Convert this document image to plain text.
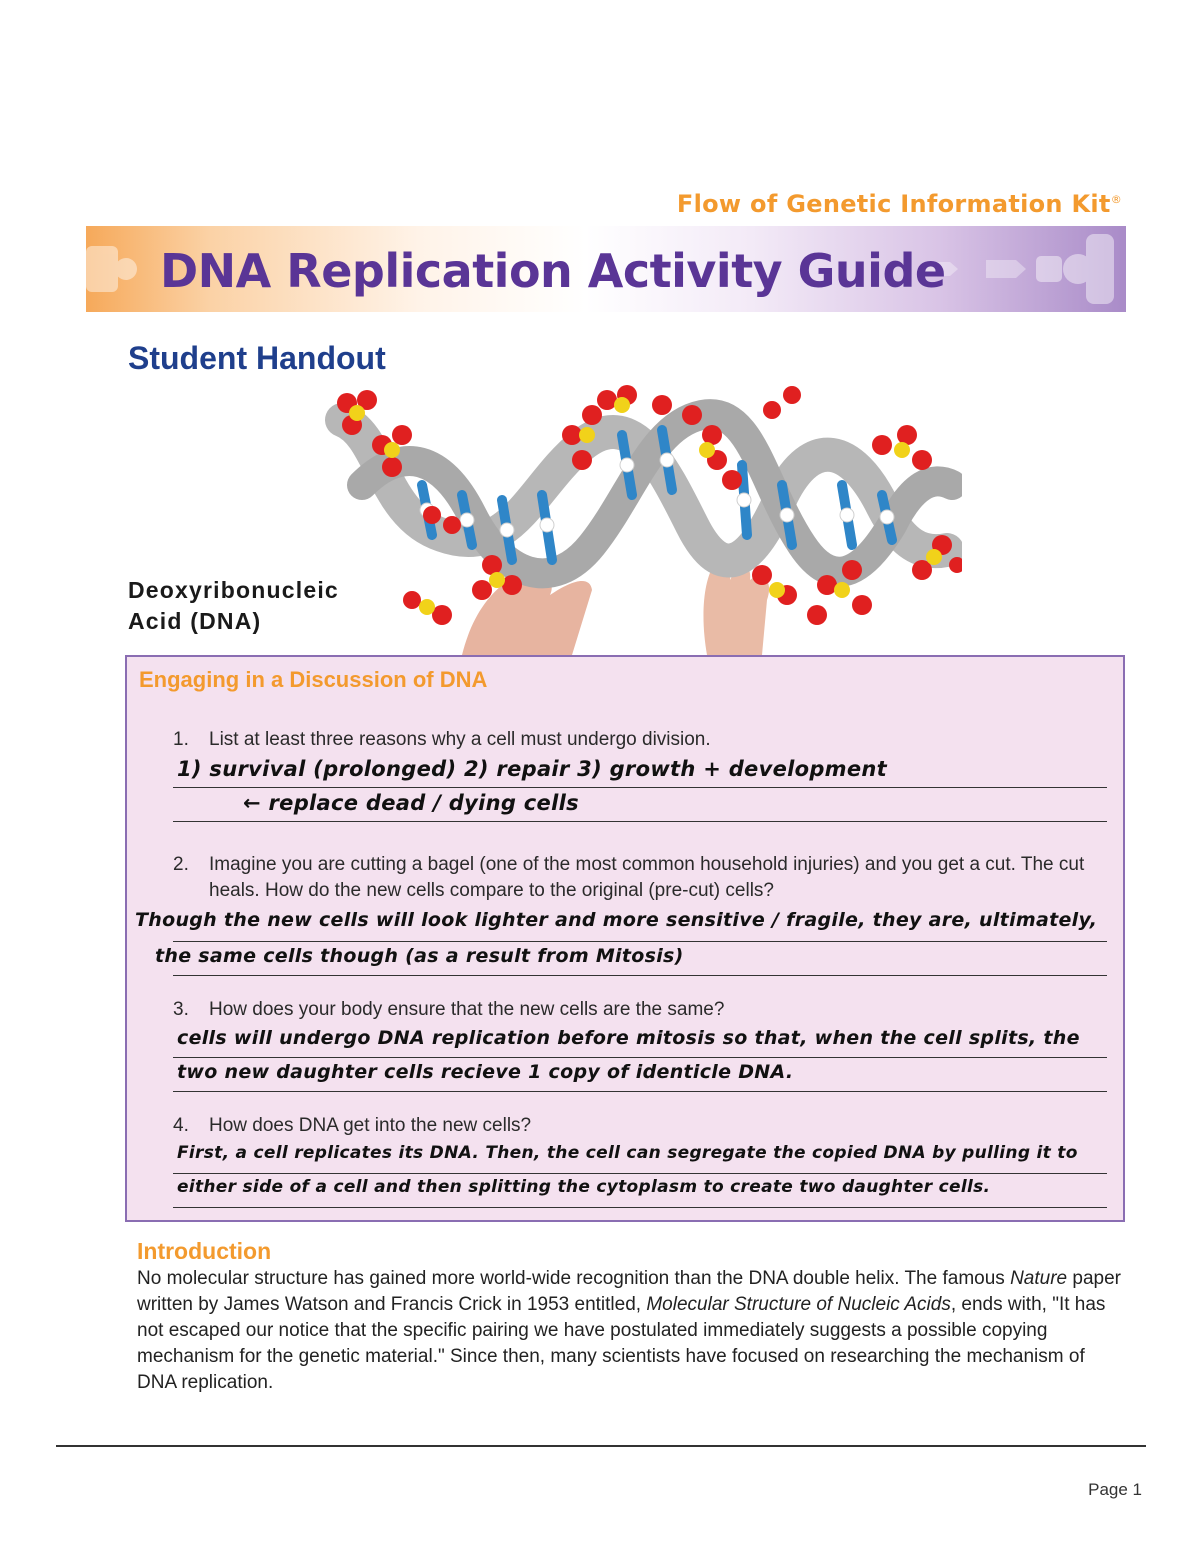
Flow of Genetic Information Kit®
DNA Replication Activity Guide
Student Handout
Deoxyribonucleic
Acid (DNA)
Engaging in a Discussion of DNA
1. List at least three reasons why a cell must undergo division.
1) survival (prolonged) 2) repair 3) growth + development
← replace dead / dying cells
2. Imagine you are cutting a bagel (one of the most common household injuries) and you get a cut. The cut heals. How do the new cells compare to the original (pre-cut) cells?
Though the new cells will look lighter and more sensitive / fragile, they are, ultimately,
the same cells though (as a result from Mitosis)
3. How does your body ensure that the new cells are the same?
cells will undergo DNA replication before mitosis so that, when the cell splits, the
two new daughter cells recieve 1 copy of identicle DNA.
4. How does DNA get into the new cells?
First, a cell replicates its DNA. Then, the cell can segregate the copied DNA by pulling it to
either side of a cell and then splitting the cytoplasm to create two daughter cells.
Introduction
No molecular structure has gained more world-wide recognition than the DNA double helix. The famous Nature paper written by James Watson and Francis Crick in 1953 entitled, Molecular Structure of Nucleic Acids, ends with, "It has not escaped our notice that the specific pairing we have postulated immediately suggests a possible copying mechanism for the genetic material." Since then, many scientists have focused on researching the mechanism of DNA replication.
Page 1
